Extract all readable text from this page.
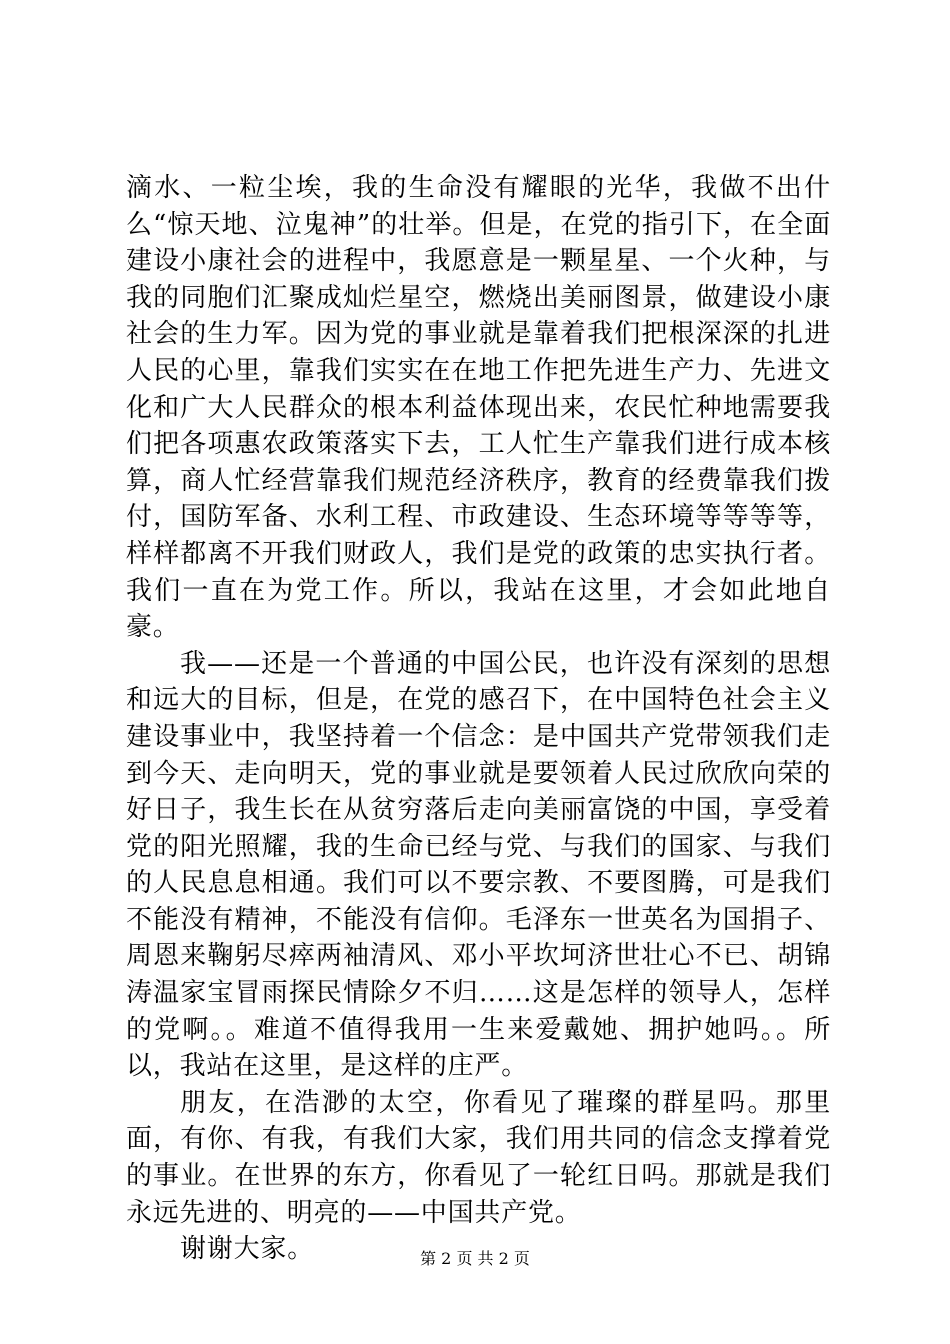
滴水、一粒尘埃，我的生命没有耀眼的光华，我做不出什么“惊天地、泣鬼神”的壮举。但是，在党的指引下，在全面建设小康社会的进程中，我愿意是一颗星星、一个火种，与我的同胞们汇聚成灿烂星空，燃烧出美丽图景，做建设小康社会的生力军。因为党的事业就是靠着我们把根深深的扎进人民的心里，靠我们实实在在地工作把先进生产力、先进文化和广大人民群众的根本利益体现出来，农民忙种地需要我们把各项惠农政策落实下去，工人忙生产靠我们进行成本核算，商人忙经营靠我们规范经济秩序，教育的经费靠我们拨付，国防军备、水利工程、市政建设、生态环境等等等等，样样都离不开我们财政人，我们是党的政策的忠实执行者。我们一直在为党工作。所以，我站在这里，才会如此地自豪。

我——还是一个普通的中国公民，也许没有深刻的思想和远大的目标，但是，在党的感召下，在中国特色社会主义建设事业中，我坚持着一个信念：是中国共产党带领我们走到今天、走向明天，党的事业就是要领着人民过欣欣向荣的好日子，我生长在从贫穷落后走向美丽富饶的中国，享受着党的阳光照耀，我的生命已经与党、与我们的国家、与我们的人民息息相通。我们可以不要宗教、不要图腾，可是我们不能没有精神，不能没有信仰。毛泽东一世英名为国捐子、周恩来鞠躬尽瘁两袖清风、邓小平坎坷济世壮心不已、胡锦涛温家宝冒雨探民情除夕不归……这是怎样的领导人，怎样的党啊。。难道不值得我用一生来爱戴她、拥护她吗。。所以，我站在这里，是这样的庄严。

朋友，在浩渺的太空，你看见了璀璨的群星吗。那里面，有你、有我，有我们大家，我们用共同的信念支撑着党的事业。在世界的东方，你看见了一轮红日吗。那就是我们永远先进的、明亮的——中国共产党。

谢谢大家。	第 2 页 共 2 页
